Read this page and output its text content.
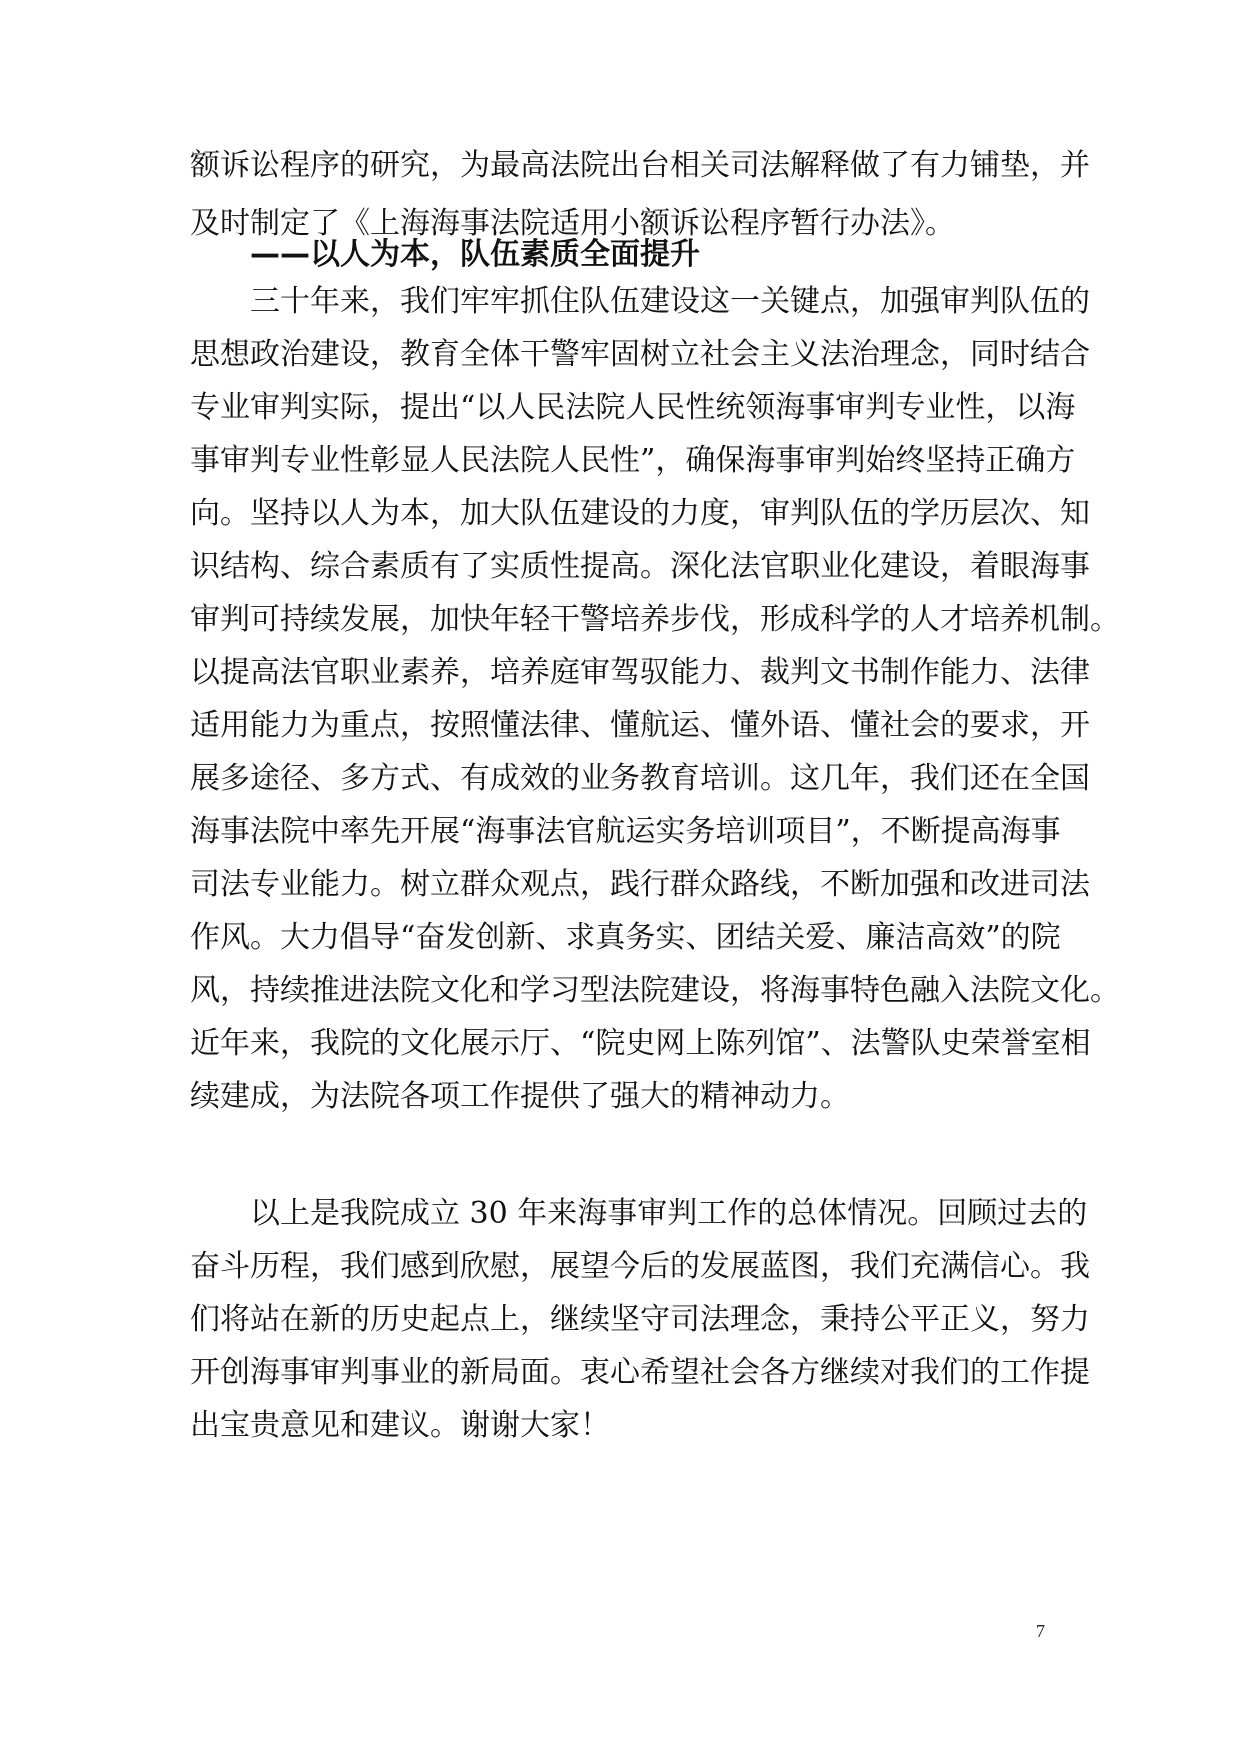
额诉讼程序的研究，为最高法院出台相关司法解释做了有力铺垫，并
及时制定了《上海海事法院适用小额诉讼程序暂行办法》。
——以人为本，队伍素质全面提升
三十年来，我们牢牢抓住队伍建设这一关键点，加强审判队伍的
思想政治建设，教育全体干警牢固树立社会主义法治理念，同时结合
专业审判实际，提出“以人民法院人民性统领海事审判专业性，以海
事审判专业性彰显人民法院人民性”，确保海事审判始终坚持正确方
向。坚持以人为本，加大队伍建设的力度，审判队伍的学历层次、知
识结构、综合素质有了实质性提高。深化法官职业化建设，着眼海事
审判可持续发展，加快年轻干警培养步伐，形成科学的人才培养机制。
以提高法官职业素养，培养庭审驾驭能力、裁判文书制作能力、法律
适用能力为重点，按照懂法律、懂航运、懂外语、懂社会的要求，开
展多途径、多方式、有成效的业务教育培训。这几年，我们还在全国
海事法院中率先开展“海事法官航运实务培训项目”，不断提高海事
司法专业能力。树立群众观点，践行群众路线，不断加强和改进司法
作风。大力倡导“奋发创新、求真务实、团结关爱、廉洁高效”的院
风，持续推进法院文化和学习型法院建设，将海事特色融入法院文化。
近年来，我院的文化展示厅、“院史网上陈列馆”、法警队史荣誉室相
续建成，为法院各项工作提供了强大的精神动力。
以上是我院成立 30 年来海事审判工作的总体情况。回顾过去的
奋斗历程，我们感到欣慰，展望今后的发展蓝图，我们充满信心。我
们将站在新的历史起点上，继续坚守司法理念，秉持公平正义，努力
开创海事审判事业的新局面。衷心希望社会各方继续对我们的工作提
出宝贵意见和建议。谢谢大家！
7
